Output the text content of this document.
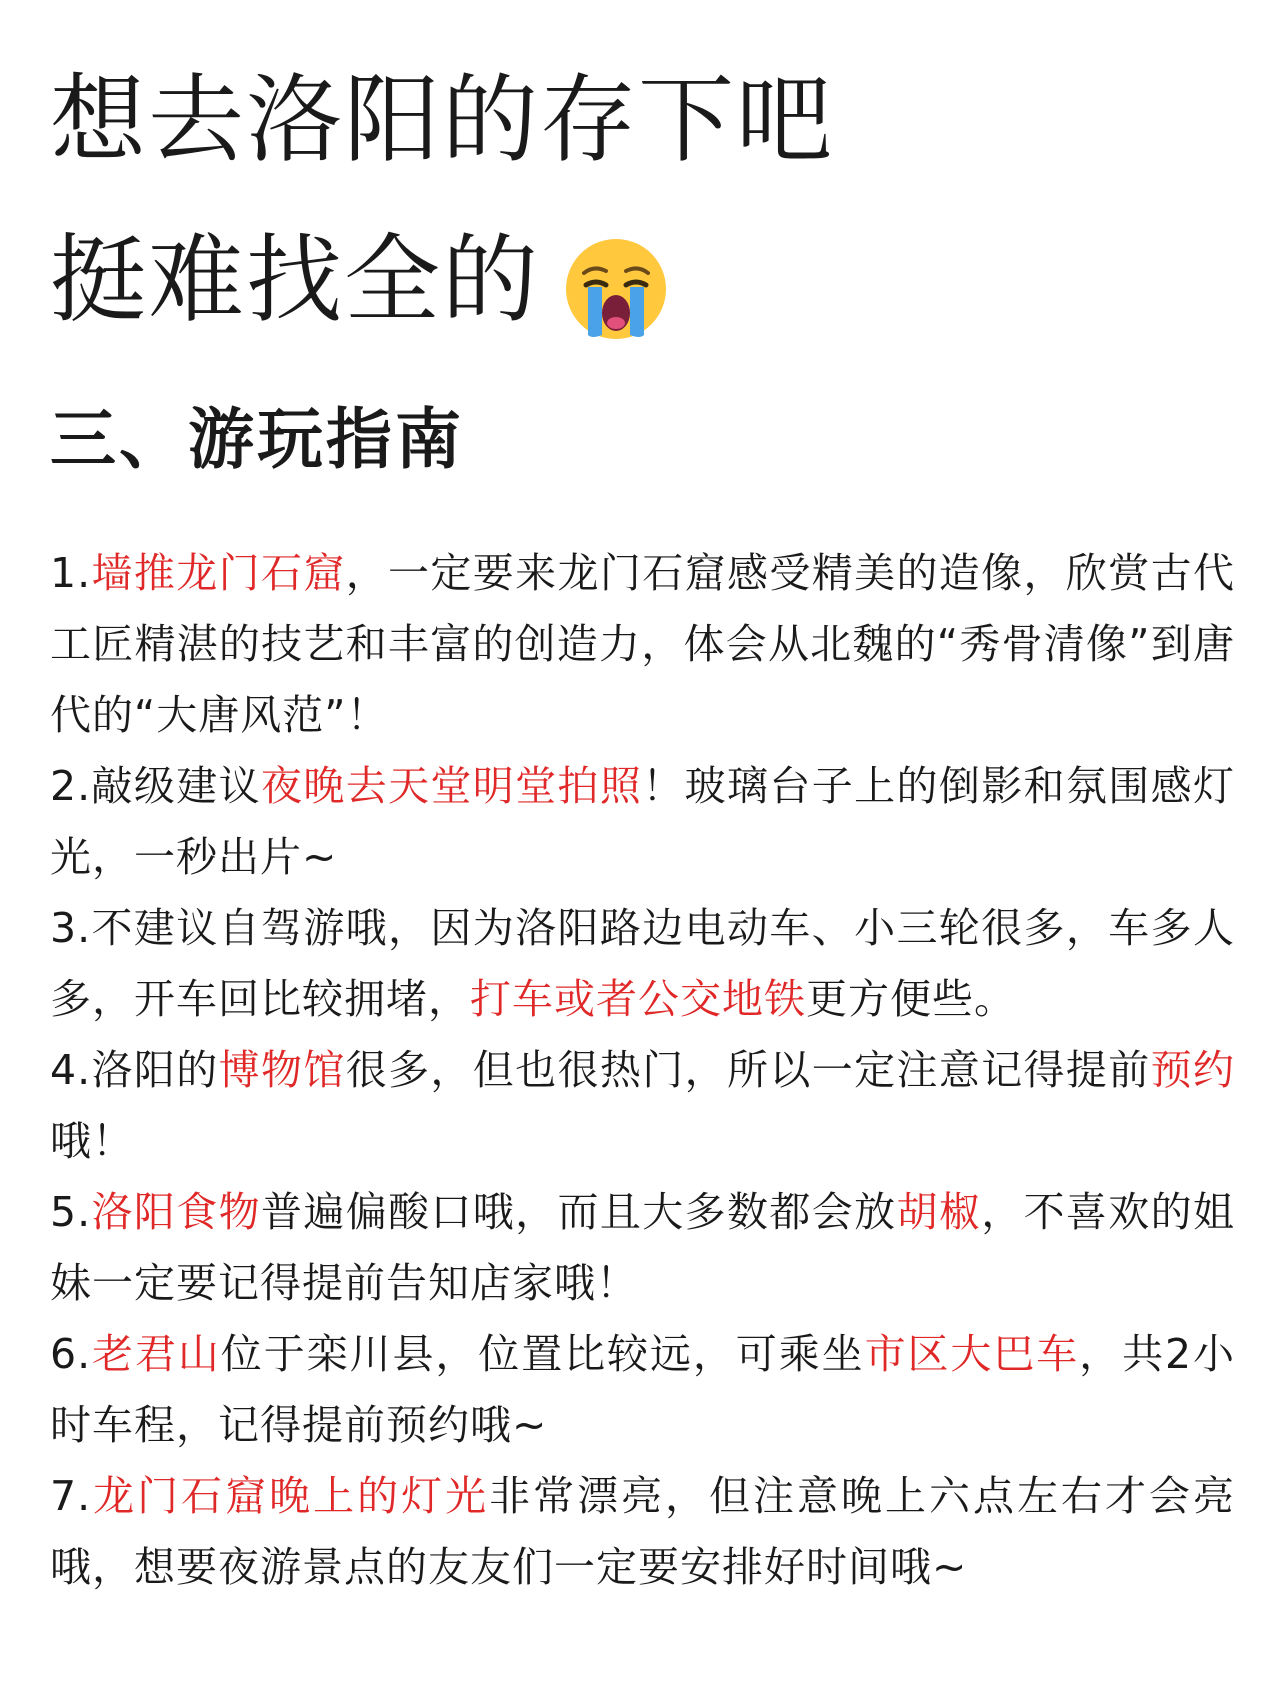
想去洛阳的存下吧
挺难找全的
三、游玩指南
1.墙推龙门石窟，一定要来龙门石窟感受精美的造像，欣赏古代工匠精湛的技艺和丰富的创造力，体会从北魏的“秀骨清像”到唐代的“大唐风范”！
2.敲级建议夜晚去天堂明堂拍照！玻璃台子上的倒影和氛围感灯光，一秒出片~
3.不建议自驾游哦，因为洛阳路边电动车、小三轮很多，车多人多，开车回比较拥堵，打车或者公交地铁更方便些。
4.洛阳的博物馆很多，但也很热门，所以一定注意记得提前预约哦！
5.洛阳食物普遍偏酸口哦，而且大多数都会放胡椒，不喜欢的姐妹一定要记得提前告知店家哦！
6.老君山位于栾川县，位置比较远，可乘坐市区大巴车，共2小时车程，记得提前预约哦~
7.龙门石窟晚上的灯光非常漂亮，但注意晚上六点左右才会亮哦，想要夜游景点的友友们一定要安排好时间哦~
